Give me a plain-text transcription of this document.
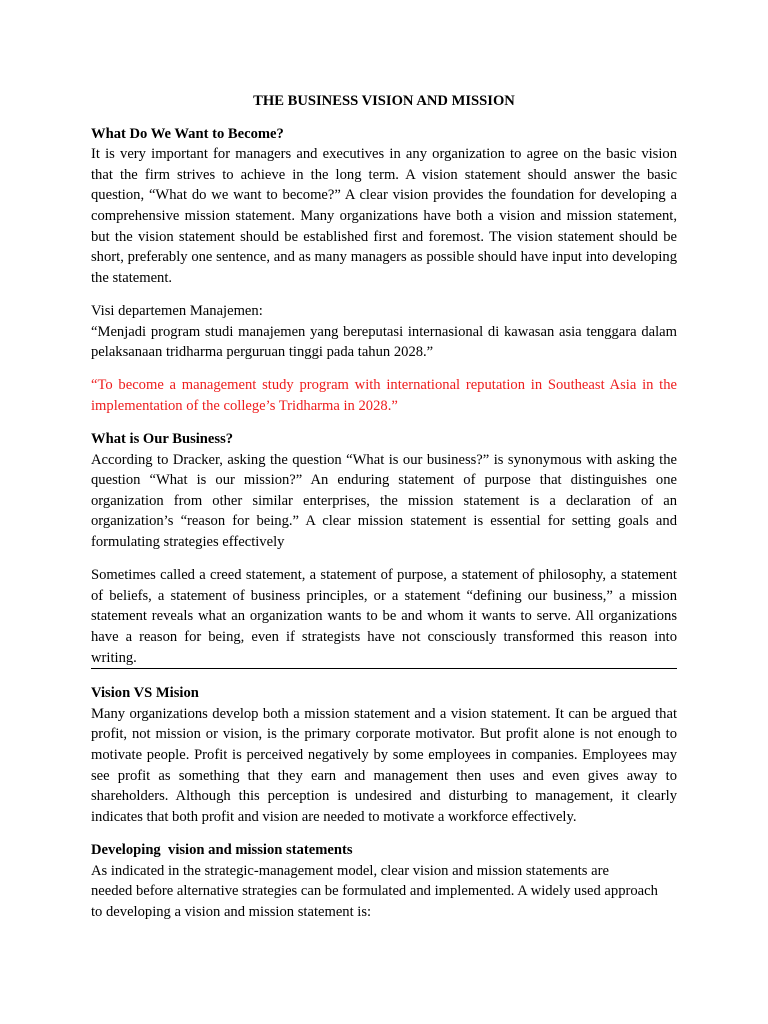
THE BUSINESS VISION AND MISSION
What Do We Want to Become?

It is very important for managers and executives in any organization to agree on the basic vision that the firm strives to achieve in the long term. A vision statement should answer the basic question, “What do we want to become?” A clear vision provides the foundation for developing a comprehensive mission statement. Many organizations have both a vision and mission statement, but the vision statement should be established first and foremost. The vision statement should be short, preferably one sentence, and as many managers as possible should have input into developing the statement.

Visi departemen Manajemen:

“Menjadi program studi manajemen yang bereputasi internasional di kawasan asia tenggara dalam pelaksanaan tridharma perguruan tinggi pada tahun 2028.”

“To become a management study program with international reputation in Southeast Asia in the implementation of the college’s Tridharma in 2028.”

What is Our Business?

According to Dracker, asking the question “What is our business?” is synonymous with asking the question “What is our mission?” An enduring statement of purpose that distinguishes one organization from other similar enterprises, the mission statement is a declaration of an organization’s “reason for being.” A clear mission statement is essential for setting goals and formulating strategies effectively

Sometimes called a creed statement, a statement of purpose, a statement of philosophy, a statement of beliefs, a statement of business principles, or a statement “defining our business,” a mission statement reveals what an organization wants to be and whom it wants to serve. All organizations have a reason for being, even if strategists have not consciously transformed this reason into writing.

Vision VS Mision

Many organizations develop both a mission statement and a vision statement. It can be argued that profit, not mission or vision, is the primary corporate motivator. But profit alone is not enough to motivate people. Profit is perceived negatively by some employees in companies. Employees may see profit as something that they earn and management then uses and even gives away to shareholders. Although this perception is undesired and disturbing to management, it clearly indicates that both profit and vision are needed to motivate a workforce effectively.

Developing  vision and mission statements
As indicated in the strategic-management model, clear vision and mission statements are
needed before alternative strategies can be formulated and implemented. A widely used approach
to developing a vision and mission statement is:
